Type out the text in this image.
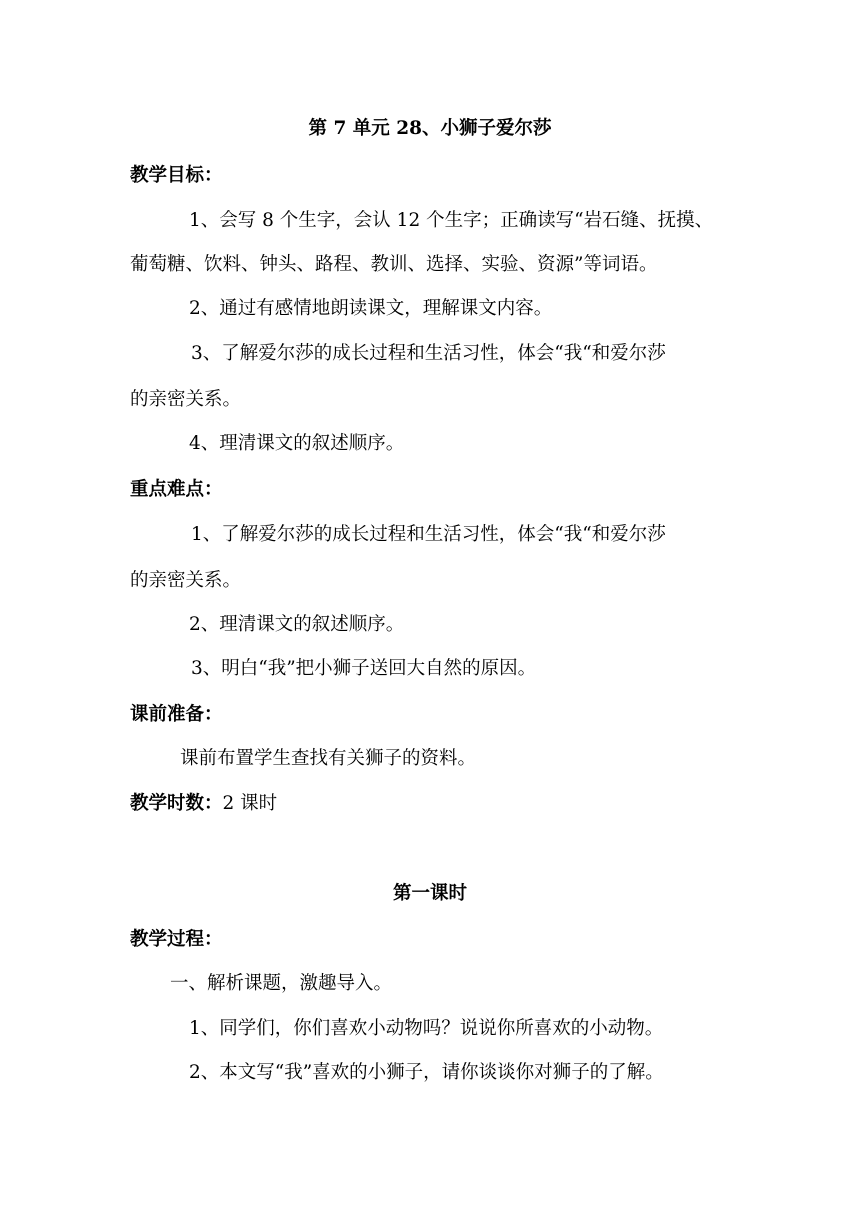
第 7 单元 28、小狮子爱尔莎
教学目标：
1、会写 8 个生字，会认 12 个生字；正确读写“岩石缝、抚摸、
葡萄糖、饮料、钟头、路程、教训、选择、实验、资源”等词语。
2、通过有感情地朗读课文，理解课文内容。
3、了解爱尔莎的成长过程和生活习性，体会“我“和爱尔莎
的亲密关系。
4、理清课文的叙述顺序。
重点难点：
1、了解爱尔莎的成长过程和生活习性，体会“我“和爱尔莎
的亲密关系。
2、理清课文的叙述顺序。
3、明白“我”把小狮子送回大自然的原因。
课前准备：
课前布置学生查找有关狮子的资料。
教学时数：2 课时
第一课时
教学过程：
一、解析课题，激趣导入。
1、同学们，你们喜欢小动物吗？说说你所喜欢的小动物。
2、本文写“我”喜欢的小狮子，请你谈谈你对狮子的了解。
